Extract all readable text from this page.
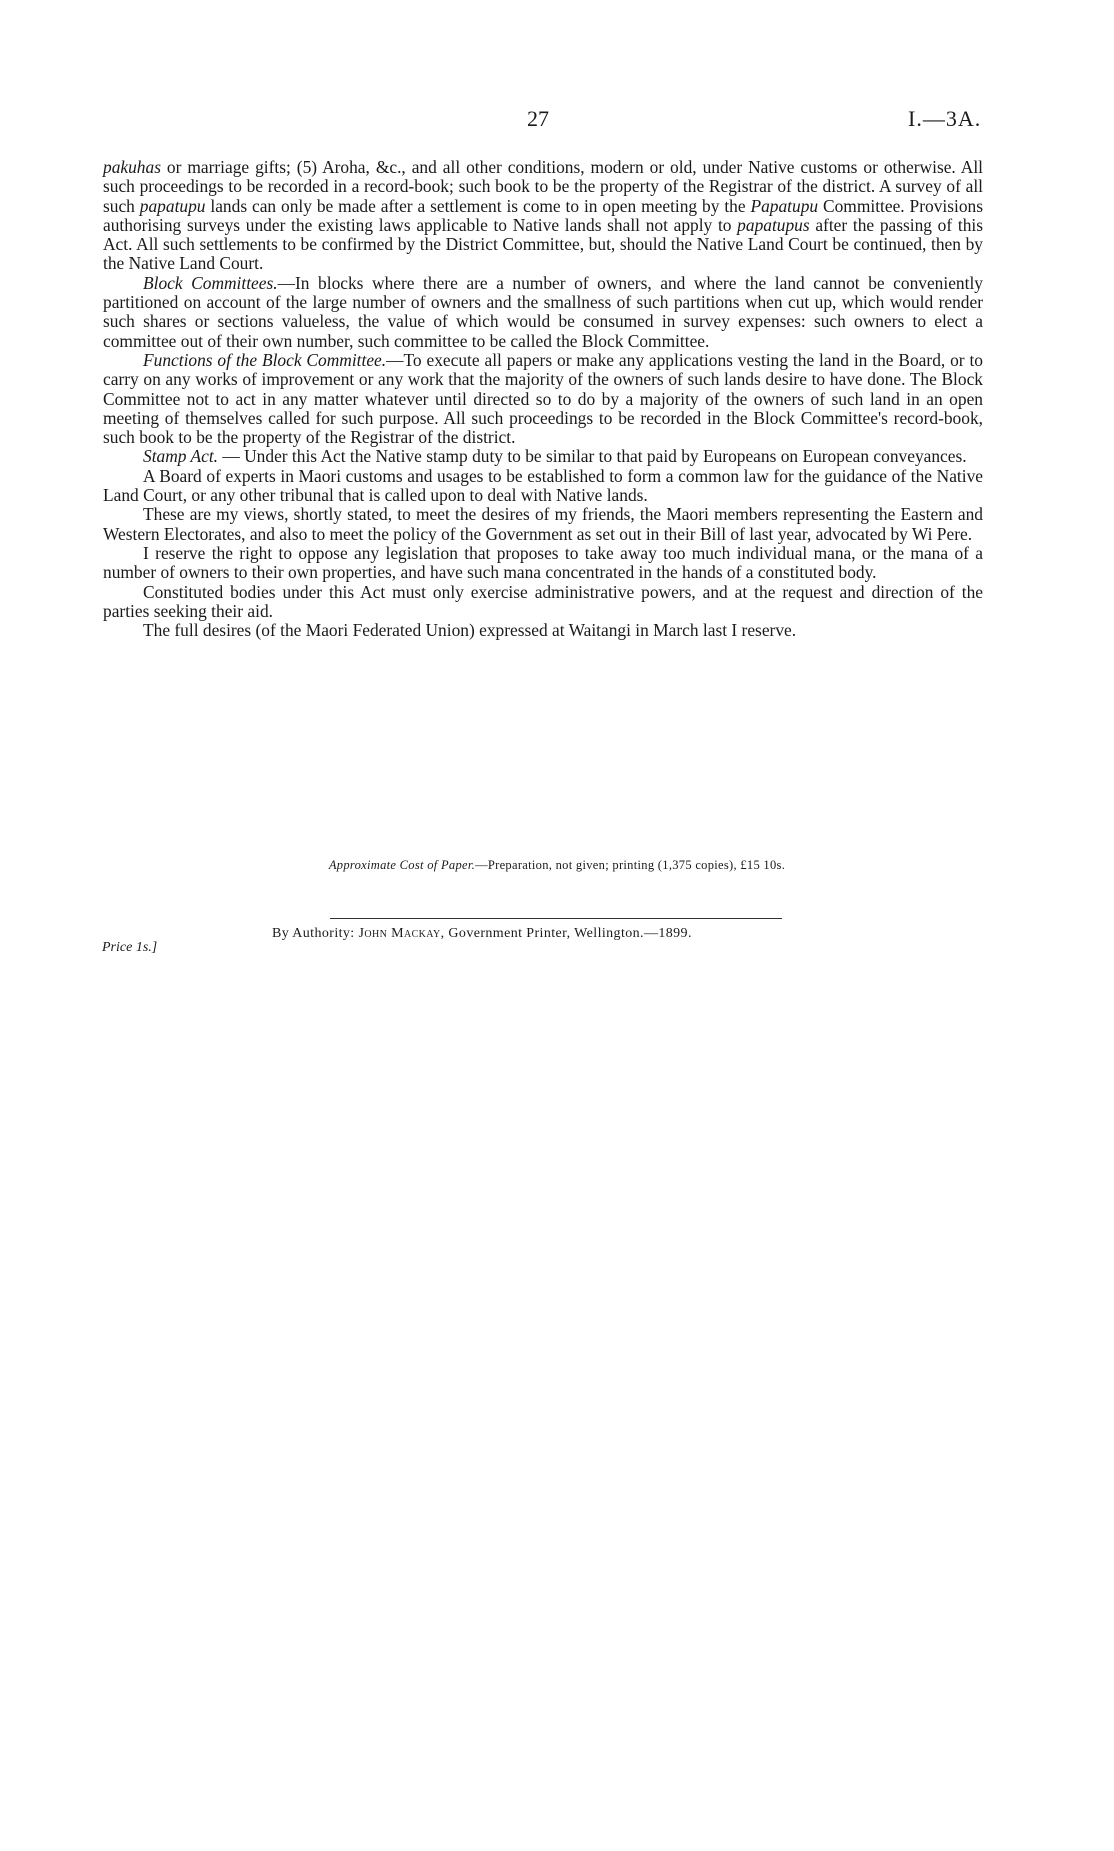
27	I.—3A.

pakuhas or marriage gifts; (5) Aroha, &c., and all other conditions, modern or old, under Native customs or otherwise. All such proceedings to be recorded in a record-book; such book to be the property of the Registrar of the district. A survey of all such papatupu lands can only be made after a settlement is come to in open meeting by the Papatupu Committee. Provisions authorising surveys under the existing laws applicable to Native lands shall not apply to papatupus after the passing of this Act. All such settlements to be confirmed by the District Committee, but, should the Native Land Court be continued, then by the Native Land Court.

Block Committees.—In blocks where there are a number of owners, and where the land cannot be conveniently partitioned on account of the large number of owners and the smallness of such partitions when cut up, which would render such shares or sections valueless, the value of which would be consumed in survey expenses: such owners to elect a committee out of their own number, such committee to be called the Block Committee.

Functions of the Block Committee.—To execute all papers or make any applications vesting the land in the Board, or to carry on any works of improvement or any work that the majority of the owners of such lands desire to have done. The Block Committee not to act in any matter whatever until directed so to do by a majority of the owners of such land in an open meeting of themselves called for such purpose. All such proceedings to be recorded in the Block Committee's record-book, such book to be the property of the Registrar of the district.

Stamp Act. — Under this Act the Native stamp duty to be similar to that paid by Europeans on European conveyances.

A Board of experts in Maori customs and usages to be established to form a common law for the guidance of the Native Land Court, or any other tribunal that is called upon to deal with Native lands.

These are my views, shortly stated, to meet the desires of my friends, the Maori members representing the Eastern and Western Electorates, and also to meet the policy of the Government as set out in their Bill of last year, advocated by Wi Pere.

I reserve the right to oppose any legislation that proposes to take away too much individual mana, or the mana of a number of owners to their own properties, and have such mana concentrated in the hands of a constituted body.

Constituted bodies under this Act must only exercise administrative powers, and at the request and direction of the parties seeking their aid.

The full desires (of the Maori Federated Union) expressed at Waitangi in March last I reserve.

Approximate Cost of Paper.—Preparation, not given; printing (1,375 copies), £15 10s.
By Authority: John Mackay, Government Printer, Wellington.—1899.
Price 1s.]
